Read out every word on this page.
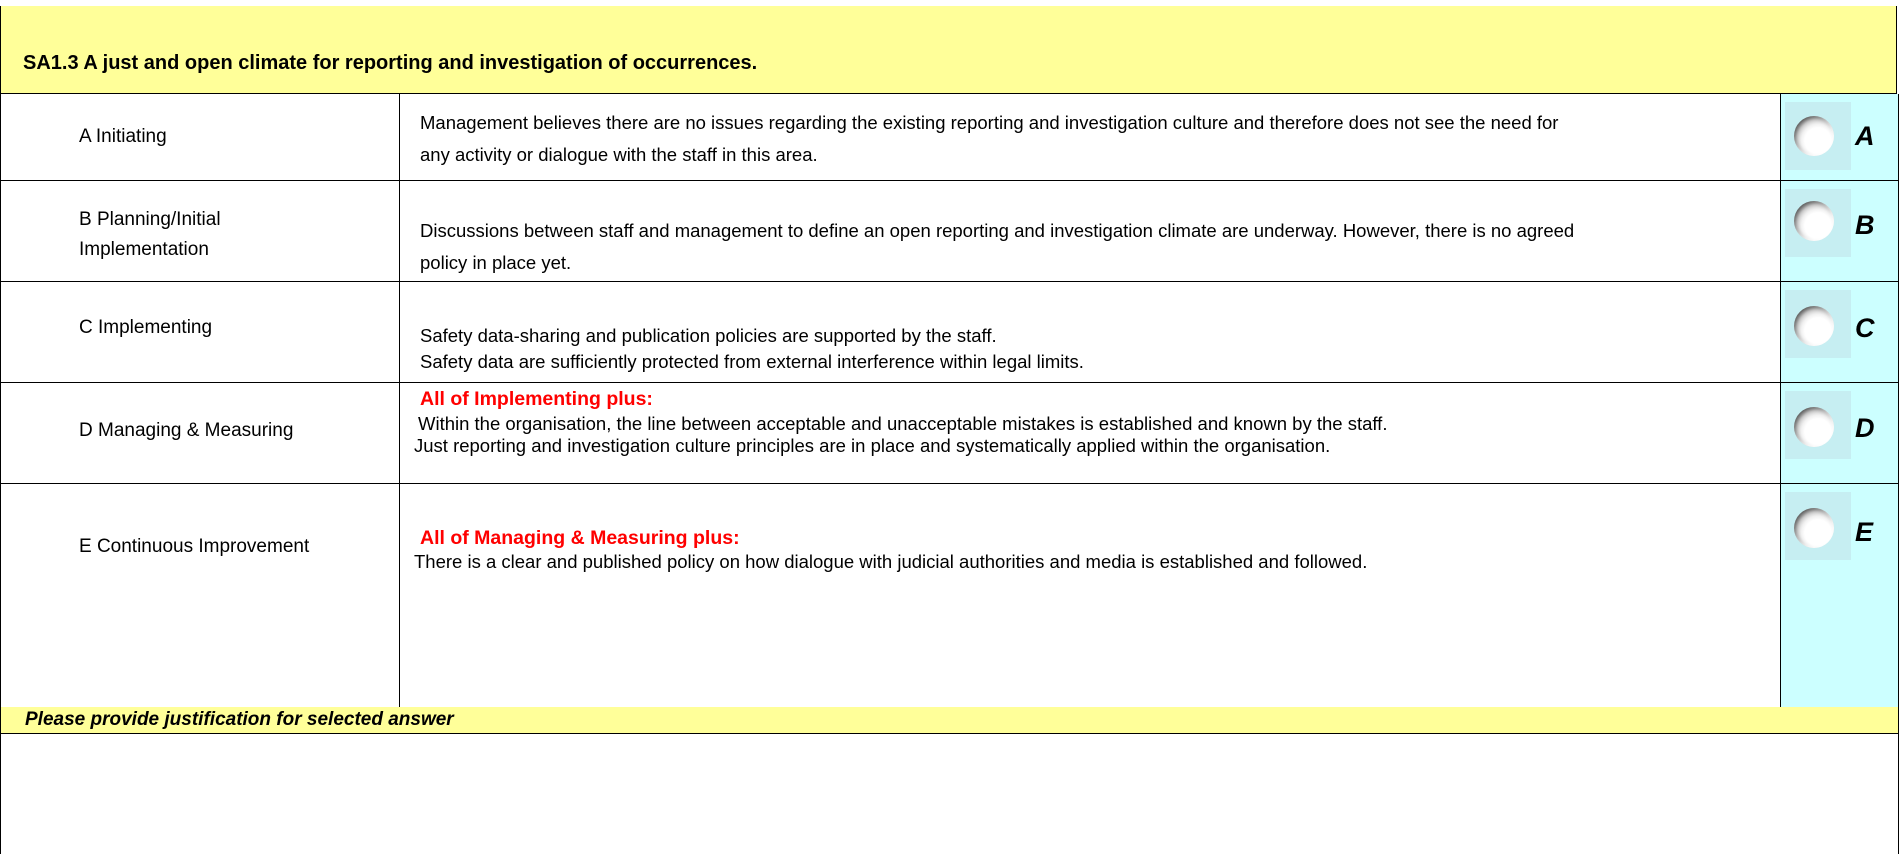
SA1.3 A just and open climate for reporting and investigation of occurrences.
A Initiating
Management believes there are no issues regarding the existing reporting and investigation culture and therefore does not see the need for
any activity or dialogue with the staff in this area.
A
B Planning/Initial
Implementation
Discussions between staff and management to define an open reporting and investigation climate are underway. However, there is no agreed
policy in place yet.
B
C Implementing	Safety data-sharing and publication policies are supported by the staff.
Safety data are sufficiently protected from external interference within legal limits.
C
D Managing & Measuring
All of Implementing plus:
Within the organisation, the line between acceptable and unacceptable mistakes is established and known by the staff.
Just reporting and investigation culture principles are in place and systematically applied within the organisation.
D
E Continuous Improvement	All of Managing & Measuring plus:
There is a clear and published policy on how dialogue with judicial authorities and media is established and followed.
E
Please provide justification for selected answer
